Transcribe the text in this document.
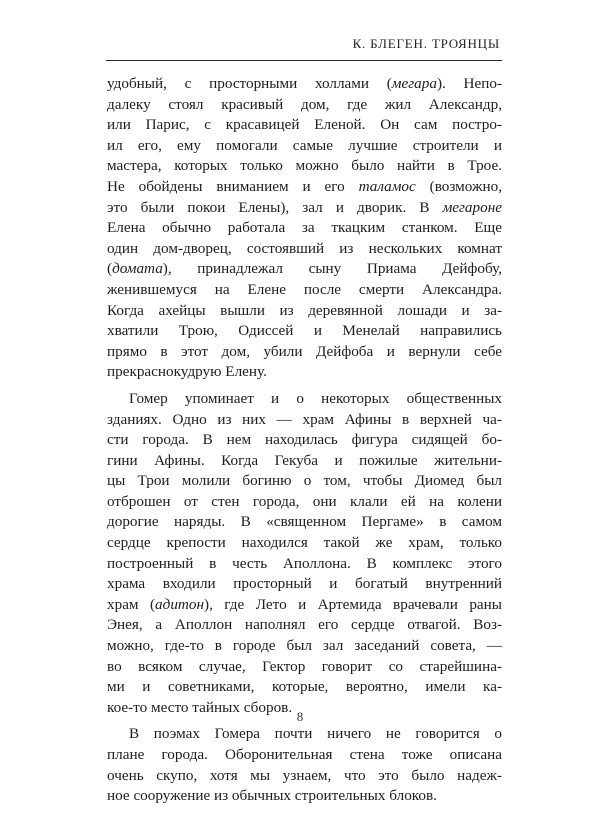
К. БЛЕГЕН. ТРОЯНЦЫ
удобный, с просторными холлами (мегара). Непо-
далеку стоял красивый дом, где жил Александр,
или Парис, с красавицей Еленой. Он сам постро-
ил его, ему помогали самые лучшие строители и
мастера, которых только можно было найти в Трое.
Не обойдены вниманием и его таламос (возможно,
это были покои Елены), зал и дворик. В мегароне
Елена обычно работала за ткацким станком. Еще
один дом-дворец, состоявший из нескольких комнат
(домата), принадлежал сыну Приама Дейфобу,
женившемуся на Елене после смерти Александра.
Когда ахейцы вышли из деревянной лошади и за-
хватили Трою, Одиссей и Менелай направились
прямо в этот дом, убили Дейфоба и вернули себе
прекраснокудрую Елену.
Гомер упоминает и о некоторых общественных
зданиях. Одно из них — храм Афины в верхней ча-
сти города. В нем находилась фигура сидящей бо-
гини Афины. Когда Гекуба и пожилые жительни-
цы Трои молили богиню о том, чтобы Диомед был
отброшен от стен города, они клали ей на колени
дорогие наряды. В «священном Пергаме» в самом
сердце крепости находился такой же храм, только
построенный в честь Аполлона. В комплекс этого
храма входили просторный и богатый внутренний
храм (адитон), где Лето и Артемида врачевали раны
Энея, а Аполлон наполнял его сердце отвагой. Воз-
можно, где-то в городе был зал заседаний совета, —
во всяком случае, Гектор говорит со старейшина-
ми и советниками, которые, вероятно, имели ка-
кое-то место тайных сборов.
В поэмах Гомера почти ничего не говорится о
плане города. Оборонительная стена тоже описана
очень скупо, хотя мы узнаем, что это было надеж-
ное сооружение из обычных строительных блоков.
8
